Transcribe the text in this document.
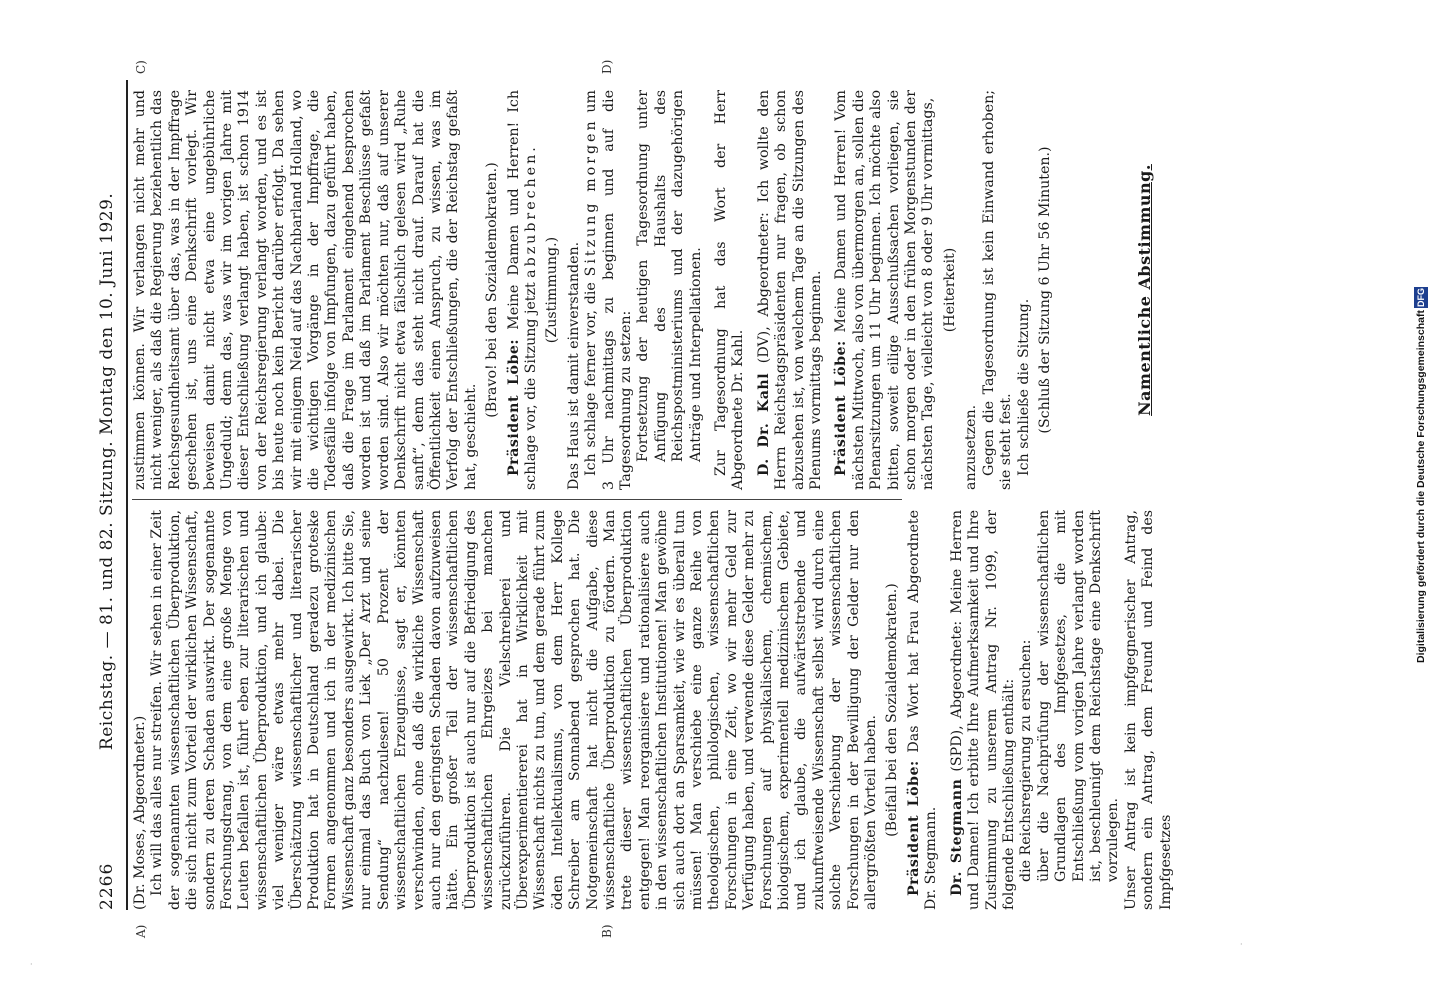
2266
Reichstag. — 81. und 82. Sitzung. Montag den 10. Juni 1929.
A)	B)
C)	D)

(Dr. Moses, Abgeordneter.) Ich will das alles nur streifen. Wir sehen in einer Zeit der sogenannten wissenschaftlichen Überproduktion, die sich nicht zum Vorteil der wirklichen Wissenschaft, sondern zu deren Schaden auswirkt. Der sogenannte Forschungsdrang, von dem eine große Menge von Leuten befallen ist, führt eben zur literarischen und wissenschaftlichen Überproduktion, und ich glaube: viel weniger wäre etwas mehr dabei. Die Überschätzung wissenschaftlicher und literarischer Produktion hat in Deutschland geradezu groteske Formen angenommen und ich in der medizinischen Wissenschaft ganz besonders ausgewirkt. Ich bitte Sie, nur einmal das Buch von Liek „Der Arzt und seine Sendung“ nachzulesen! 50 Prozent der wissenschaftlichen Erzeugnisse, sagt er, könnten verschwinden, ohne daß die wirkliche Wissenschaft auch nur den geringsten Schaden davon aufzuweisen hätte. Ein großer Teil der wissenschaftlichen Überproduktion ist auch nur auf die Befriedigung des wissenschaftlichen Ehrgeizes bei manchen zurückzuführen. Die Vielschreiberei und Überexperimentiererei hat in Wirklichkeit mit Wissenschaft nichts zu tun, und dem gerade führt zum öden Intellektualismus, von dem Herr Kollege Schreiber am Sonnabend gesprochen hat. Die Notgemeinschaft hat nicht die Aufgabe, diese wissenschaftliche Überproduktion zu fördern. Man trete dieser wissenschaftlichen Überproduktion entgegen! Man reorganisiere und rationalisiere auch in den wissenschaftlichen Institutionen! Man gewöhne sich auch dort an Sparsamkeit, wie wir es überall tun müssen! Man verschiebe eine ganze Reihe von theologischen, philologischen, wissenschaftlichen Forschungen in eine Zeit, wo wir mehr Geld zur Verfügung haben, und verwende diese Gelder mehr zu Forschungen auf physikalischem, chemischem, biologischem, experimentell medizinischem Gebiete, und ich glaube, die aufwärtsstrebende und zukunftweisende Wissenschaft selbst wird durch eine solche Verschiebung der wissenschaftlichen Forschungen in der Bewilligung der Gelder nur den allergrößten Vorteil haben. (Beifall bei den Sozialdemokraten.) Präsident Löbe: Das Wort hat Frau Abgeordnete Dr. Stegmann. Dr. Stegmann (SPD), Abgeordnete: Meine Herren und Damen! Ich erbitte Ihre Aufmerksamkeit und Ihre Zustimmung zu unserem Antrag Nr. 1099, der folgende Entschließung enthält: die Reichsregierung zu ersuchen: über die Nachprüfung der wissenschaftlichen Grundlagen des Impfgesetzes, die mit Entschließung vom vorigen Jahre verlangt worden ist, beschleunigt dem Reichstage eine Denkschrift vorzulegen. Unser Antrag ist kein impfgegnerischer Antrag, sondern ein Antrag, dem Freund und Feind des Impfgesetzes

zustimmen können. Wir verlangen nicht mehr und nicht weniger, als daß die Regierung beziehentlich das Reichsgesundheitsamt über das, was in der Impffrage geschehen ist, uns eine Denkschrift vorlegt. Wir beweisen damit nicht etwa eine ungebührliche Ungeduld; denn das, was wir im vorigen Jahre mit dieser Entschließung verlangt haben, ist schon 1914 von der Reichsregierung verlangt worden, und es ist bis heute noch kein Bericht darüber erfolgt. Da sehen wir mit einigem Neid auf das Nachbarland Holland, wo die wichtigen Vorgänge in der Impffrage, die Todesfälle infolge von Impfungen, dazu geführt haben, daß die Frage im Parlament eingehend besprochen worden ist und daß im Parlament Beschlüsse gefaßt worden sind. Also wir möchten nur, daß auf unserer Denkschrift nicht etwa fälschlich gelesen wird „Ruhe sanft“, denn das steht nicht drauf. Darauf hat die Öffentlichkeit einen Anspruch, zu wissen, was im Verfolg der Entschließungen, die der Reichstag gefaßt hat, geschieht.

(Bravo! bei den Sozialdemokraten.) Präsident Löbe: Meine Damen und Herren! Ich schlage vor, die Sitzung jetzt abzubrechen.

(Zustimmung.) Das Haus ist damit einverstanden. Ich schlage ferner vor, die Sitzung morgen um 3 Uhr nachmittags zu beginnen und auf die Tagesordnung zu setzen: Fortsetzung der heutigen Tagesordnung unter Anfügung des Haushalts des Reichspostministeriums und der dazugehörigen Anträge und Interpellationen. Zur Tagesordnung hat das Wort der Herr Abgeordnete Dr. Kahl. D. Dr. Kahl (DV), Abgeordneter: Ich wollte den Herrn Reichstagspräsidenten nur fragen, ob schon abzusehen ist, von welchem Tage an die Sitzungen des Plenums vormittags beginnen. Präsident Löbe: Meine Damen und Herren! Vom nächsten Mittwoch, also von übermorgen an, sollen die Plenarsitzungen um 11 Uhr beginnen. Ich möchte also bitten, soweit eilige Ausschußsachen vorliegen, sie schon morgen oder in den frühen Morgenstunden der nächsten Tage, vielleicht von 8 oder 9 Uhr vormittags, (Heiterkeit)

anzusetzen. Gegen die Tagesordnung ist kein Einwand erhoben; sie steht fest. Ich schließe die Sitzung. (Schluß der Sitzung 6 Uhr 56 Minuten.)	Namentliche Abstimmung.
Digitalisierung gefördert durch die Deutsche Forschungsgemeinschaft DFG
·
·
